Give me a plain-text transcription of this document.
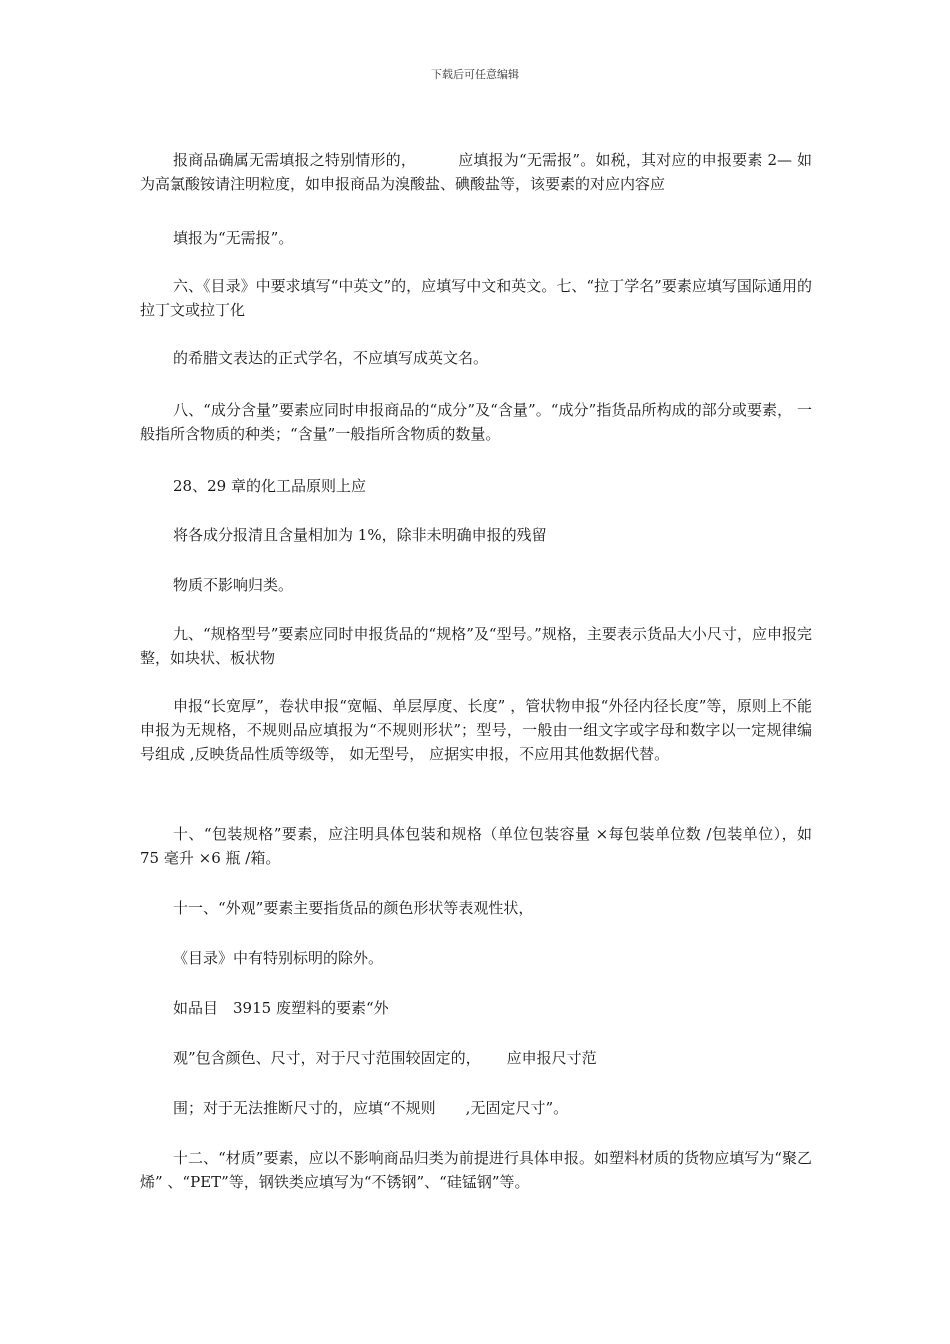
下载后可任意编辑

报商品确属无需填报之特别情形的，	应填报为“无需报”。如税，其对应的申报要素 2— 如为高氯酸铵请注明粒度，如申报商品为溴酸盐、碘酸盐等，该要素的对应内容应

填报为“无需报”。

六、《目录》中要求填写“中英文”的，应填写中文和英文。七、“拉丁学名”要素应填写国际通用的拉丁文或拉丁化

的希腊文表达的正式学名，不应填写成英文名。

八、“成分含量”要素应同时申报商品的“成分”及“含量”。“成分”指货品所构成的部分或要素， 一般指所含物质的种类；“含量”一般指所含物质的数量。

28、29 章的化工品原则上应

将各成分报清且含量相加为 1%，除非未明确申报的残留

物质不影响归类。

九、“规格型号”要素应同时申报货品的“规格”及“型号。”规格，主要表示货品大小尺寸，应申报完整，如块状、板状物

申报“长宽厚”，卷状申报“宽幅、单层厚度、长度” ，管状物申报“外径内径长度”等，原则上不能申报为无规格，不规则品应填报为“不规则形状”；型号，一般由一组文字或字母和数字以一定规律编号组成 ,反映货品性质等级等， 如无型号， 应据实申报，不应用其他数据代替。

十、“包装规格”要素，应注明具体包装和规格（单位包装容量 ×每包装单位数 /包装单位），如 75 毫升 ×6 瓶 /箱。

十一、“外观”要素主要指货品的颜色形状等表观性状，

《目录》中有特别标明的除外。

如品目　3915 废塑料的要素“外

观”包含颜色、尺寸，对于尺寸范围较固定的， 应申报尺寸范

围；对于无法推断尺寸的，应填“不规则 ,无固定尺寸”。

十二、“材质”要素，应以不影响商品归类为前提进行具体申报。如塑料材质的货物应填写为“聚乙烯” 、“PET”等，钢铁类应填写为“不锈钢”、“硅锰钢”等。
